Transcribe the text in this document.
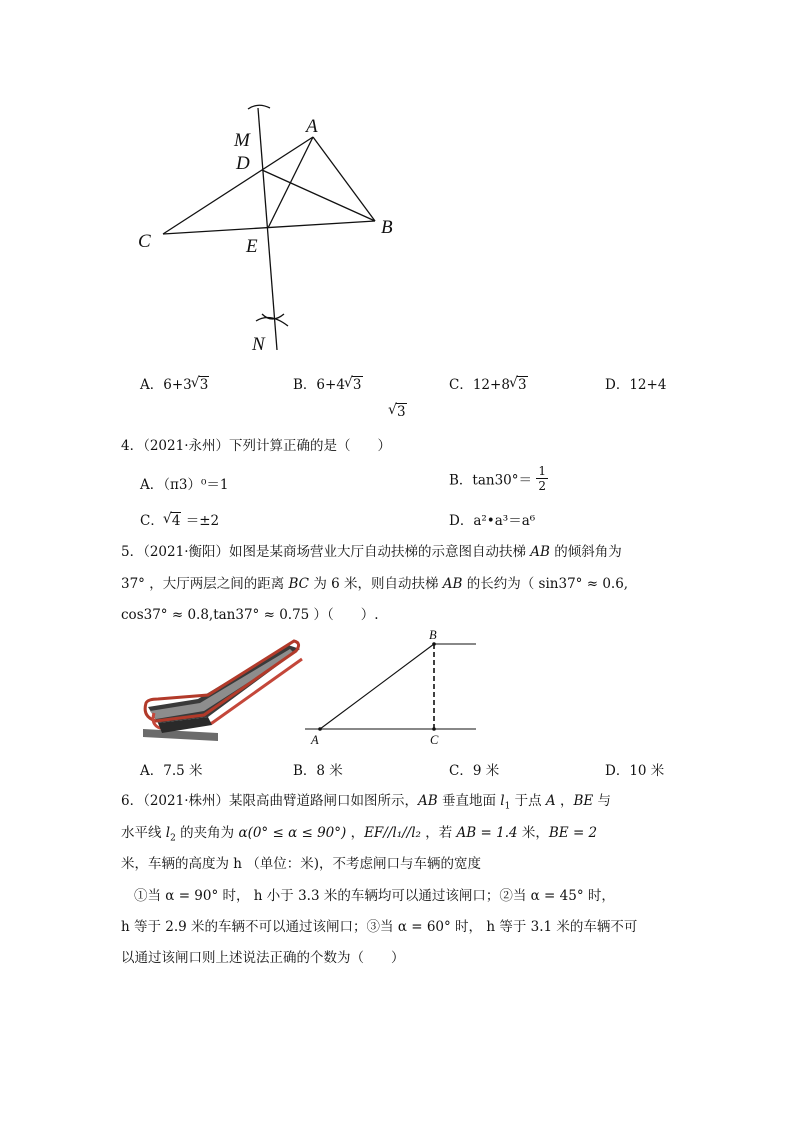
M
A
D
C
B
E
N
A．6+3 √ 3	B．6+4 √ 3	C．12+8 √ 3	D．12+4
√ 3
4．（2021·永州）下列计算正确的是（　　）
A．（π3）⁰＝1	B．$\tan 30^\circ= \frac{1}{2}$
C． √ 4 ＝±2	D．a²•a³＝a⁶
5．（2021·衡阳）如图是某商场营业大厅自动扶梯的示意图自动扶梯 AB 的倾斜角为
37° ，大厅两层之间的距离 BC 为 6 米，则自动扶梯 AB 的长约为（ sin37° ≈ 0.6,
cos37° ≈ 0.8,tan37° ≈ 0.75 ）（　　）.
B
A	C
A．7.5 米	B．8 米	C．9 米	D．10 米
6．（2021·株州）某限高曲臂道路闸口如图所示，AB 垂直地面 $l_1$ 于点 A ，BE 与
水平线 $l_2$ 的夹角为 α(0° ≤ α ≤ 90°) ，EF//l₁//l₂ ，若 AB = 1.4 米，BE = 2
米，车辆的高度为 h （单位：米)，不考虑闸口与车辆的宽度
①当 α = 90° 时， h 小于 3.3 米的车辆均可以通过该闸口；②当 α = 45° 时，
h 等于 2.9 米的车辆不可以通过该闸口；③当 α = 60° 时， h 等于 3.1 米的车辆不可
以通过该闸口则上述说法正确的个数为（　　）
